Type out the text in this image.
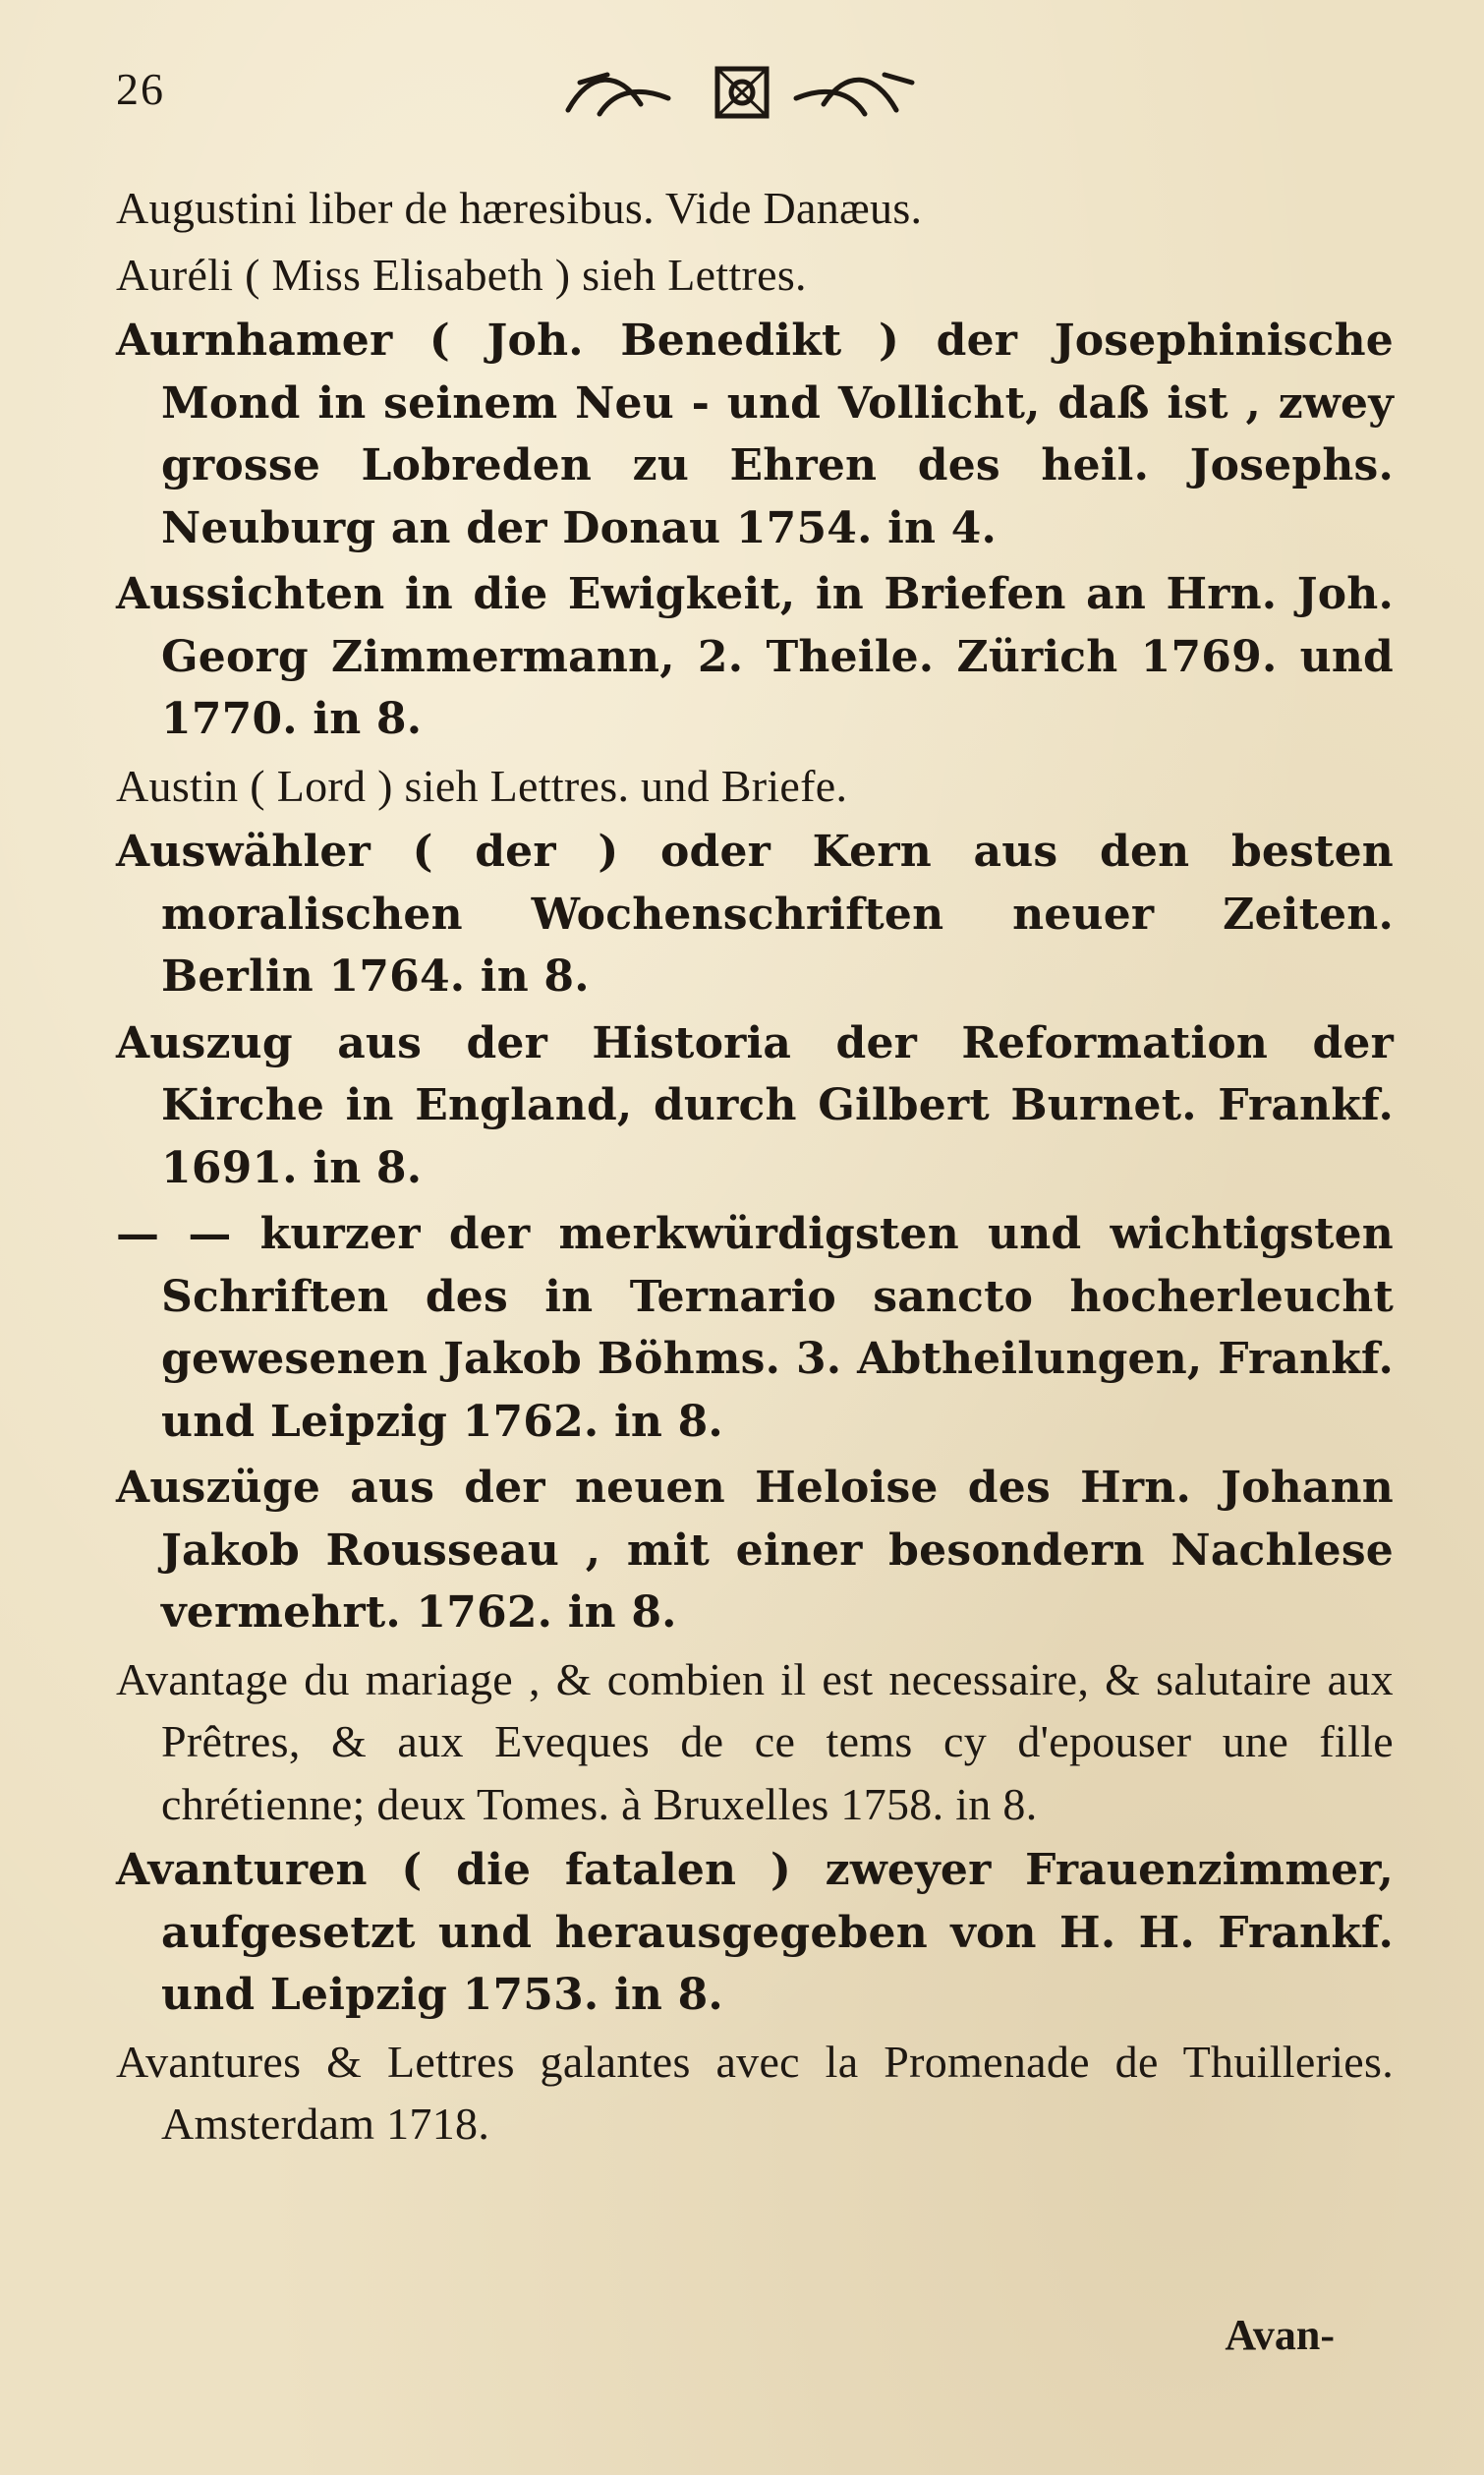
26

Augustini liber de hæresibus. Vide Danæus.

Auréli ( Miss Elisabeth ) sieh Lettres.

Aurnhamer ( Joh. Benedikt ) der Josephinische Mond in seinem Neu - und Vollicht, daß ist , zwey grosse Lobreden zu Ehren des heil. Josephs. Neuburg an der Donau 1754. in 4.

Aussichten in die Ewigkeit, in Briefen an Hrn. Joh. Georg Zimmermann, 2. Theile. Zürich 1769. und 1770. in 8.

Austin ( Lord ) sieh Lettres. und Briefe.

Auswähler ( der ) oder Kern aus den besten moralischen Wochenschriften neuer Zeiten. Berlin 1764. in 8.

Auszug aus der Historia der Reformation der Kirche in England, durch Gilbert Burnet. Frankf. 1691. in 8.

— — kurzer der merkwürdigsten und wichtigsten Schriften des in Ternario sancto hocherleucht gewesenen Jakob Böhms. 3. Abtheilungen, Frankf. und Leipzig 1762. in 8.

Auszüge aus der neuen Heloise des Hrn. Johann Jakob Rousseau , mit einer besondern Nachlese vermehrt. 1762. in 8.

Avantage du mariage , & combien il est necessaire, & salutaire aux Prêtres, & aux Eveques de ce tems cy d'epouser une fille chrétienne; deux Tomes. à Bruxelles 1758. in 8.

Avanturen ( die fatalen ) zweyer Frauenzimmer, aufgesetzt und herausgegeben von H. H. Frankf. und Leipzig 1753. in 8.

Avantures & Lettres galantes avec la Promenade de Thuilleries. Amsterdam 1718.

Avan-
